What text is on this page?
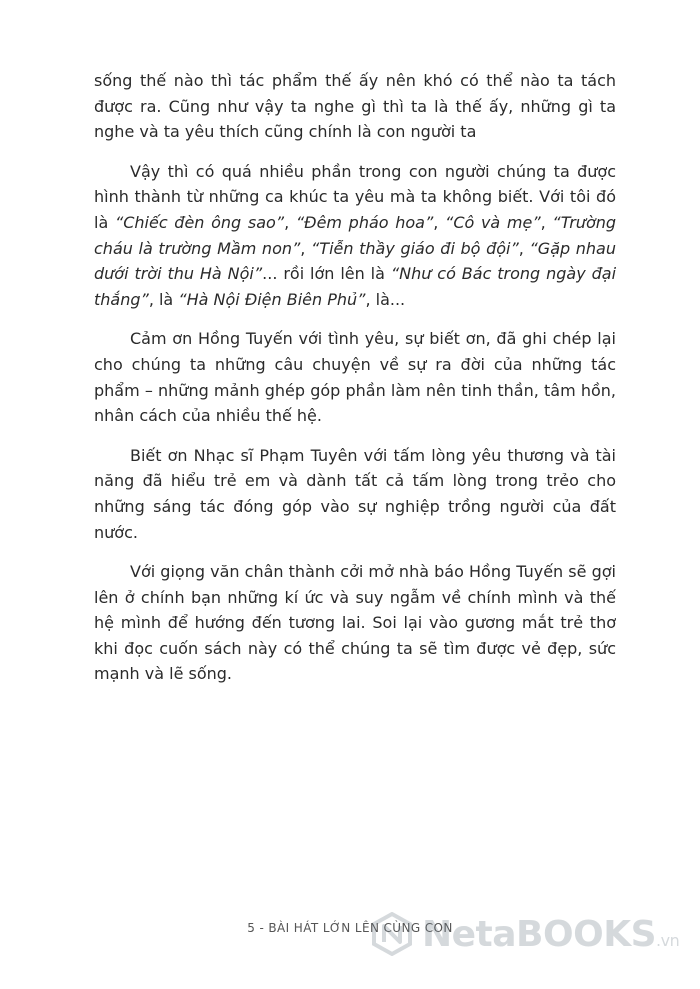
sống thế nào thì tác phẩm thế ấy nên khó có thể nào ta tách được ra. Cũng như vậy ta nghe gì thì ta là thế ấy, những gì ta nghe và ta yêu thích cũng chính là con người ta

Vậy thì có quá nhiều phần trong con người chúng ta được hình thành từ những ca khúc ta yêu mà ta không biết. Với tôi đó là “Chiếc đèn ông sao”, “Đêm pháo hoa”, “Cô và mẹ”, “Trường cháu là trường Mầm non”, “Tiễn thầy giáo đi bộ đội”, “Gặp nhau dưới trời thu Hà Nội”... rồi lớn lên là “Như có Bác trong ngày đại thắng”, là “Hà Nội Điện Biên Phủ”, là...

Cảm ơn Hồng Tuyến với tình yêu, sự biết ơn, đã ghi chép lại cho chúng ta những câu chuyện về sự ra đời của những tác phẩm – những mảnh ghép góp phần làm nên tinh thần, tâm hồn, nhân cách của nhiều thế hệ.

Biết ơn Nhạc sĩ Phạm Tuyên với tấm lòng yêu thương và tài năng đã hiểu trẻ em và dành tất cả tấm lòng trong trẻo cho những sáng tác đóng góp vào sự nghiệp trồng người của đất nước.

Với giọng văn chân thành cởi mở nhà báo Hồng Tuyến sẽ gợi lên ở chính bạn những kí ức và suy ngẫm về chính mình và thế hệ mình để hướng đến tương lai. Soi lại vào gương mắt trẻ thơ khi đọc cuốn sách này có thể chúng ta sẽ tìm được vẻ đẹp, sức mạnh và lẽ sống.

5 - BÀI HÁT LỚN LÊN CÙNG CON
NetaBOOKS.vn
